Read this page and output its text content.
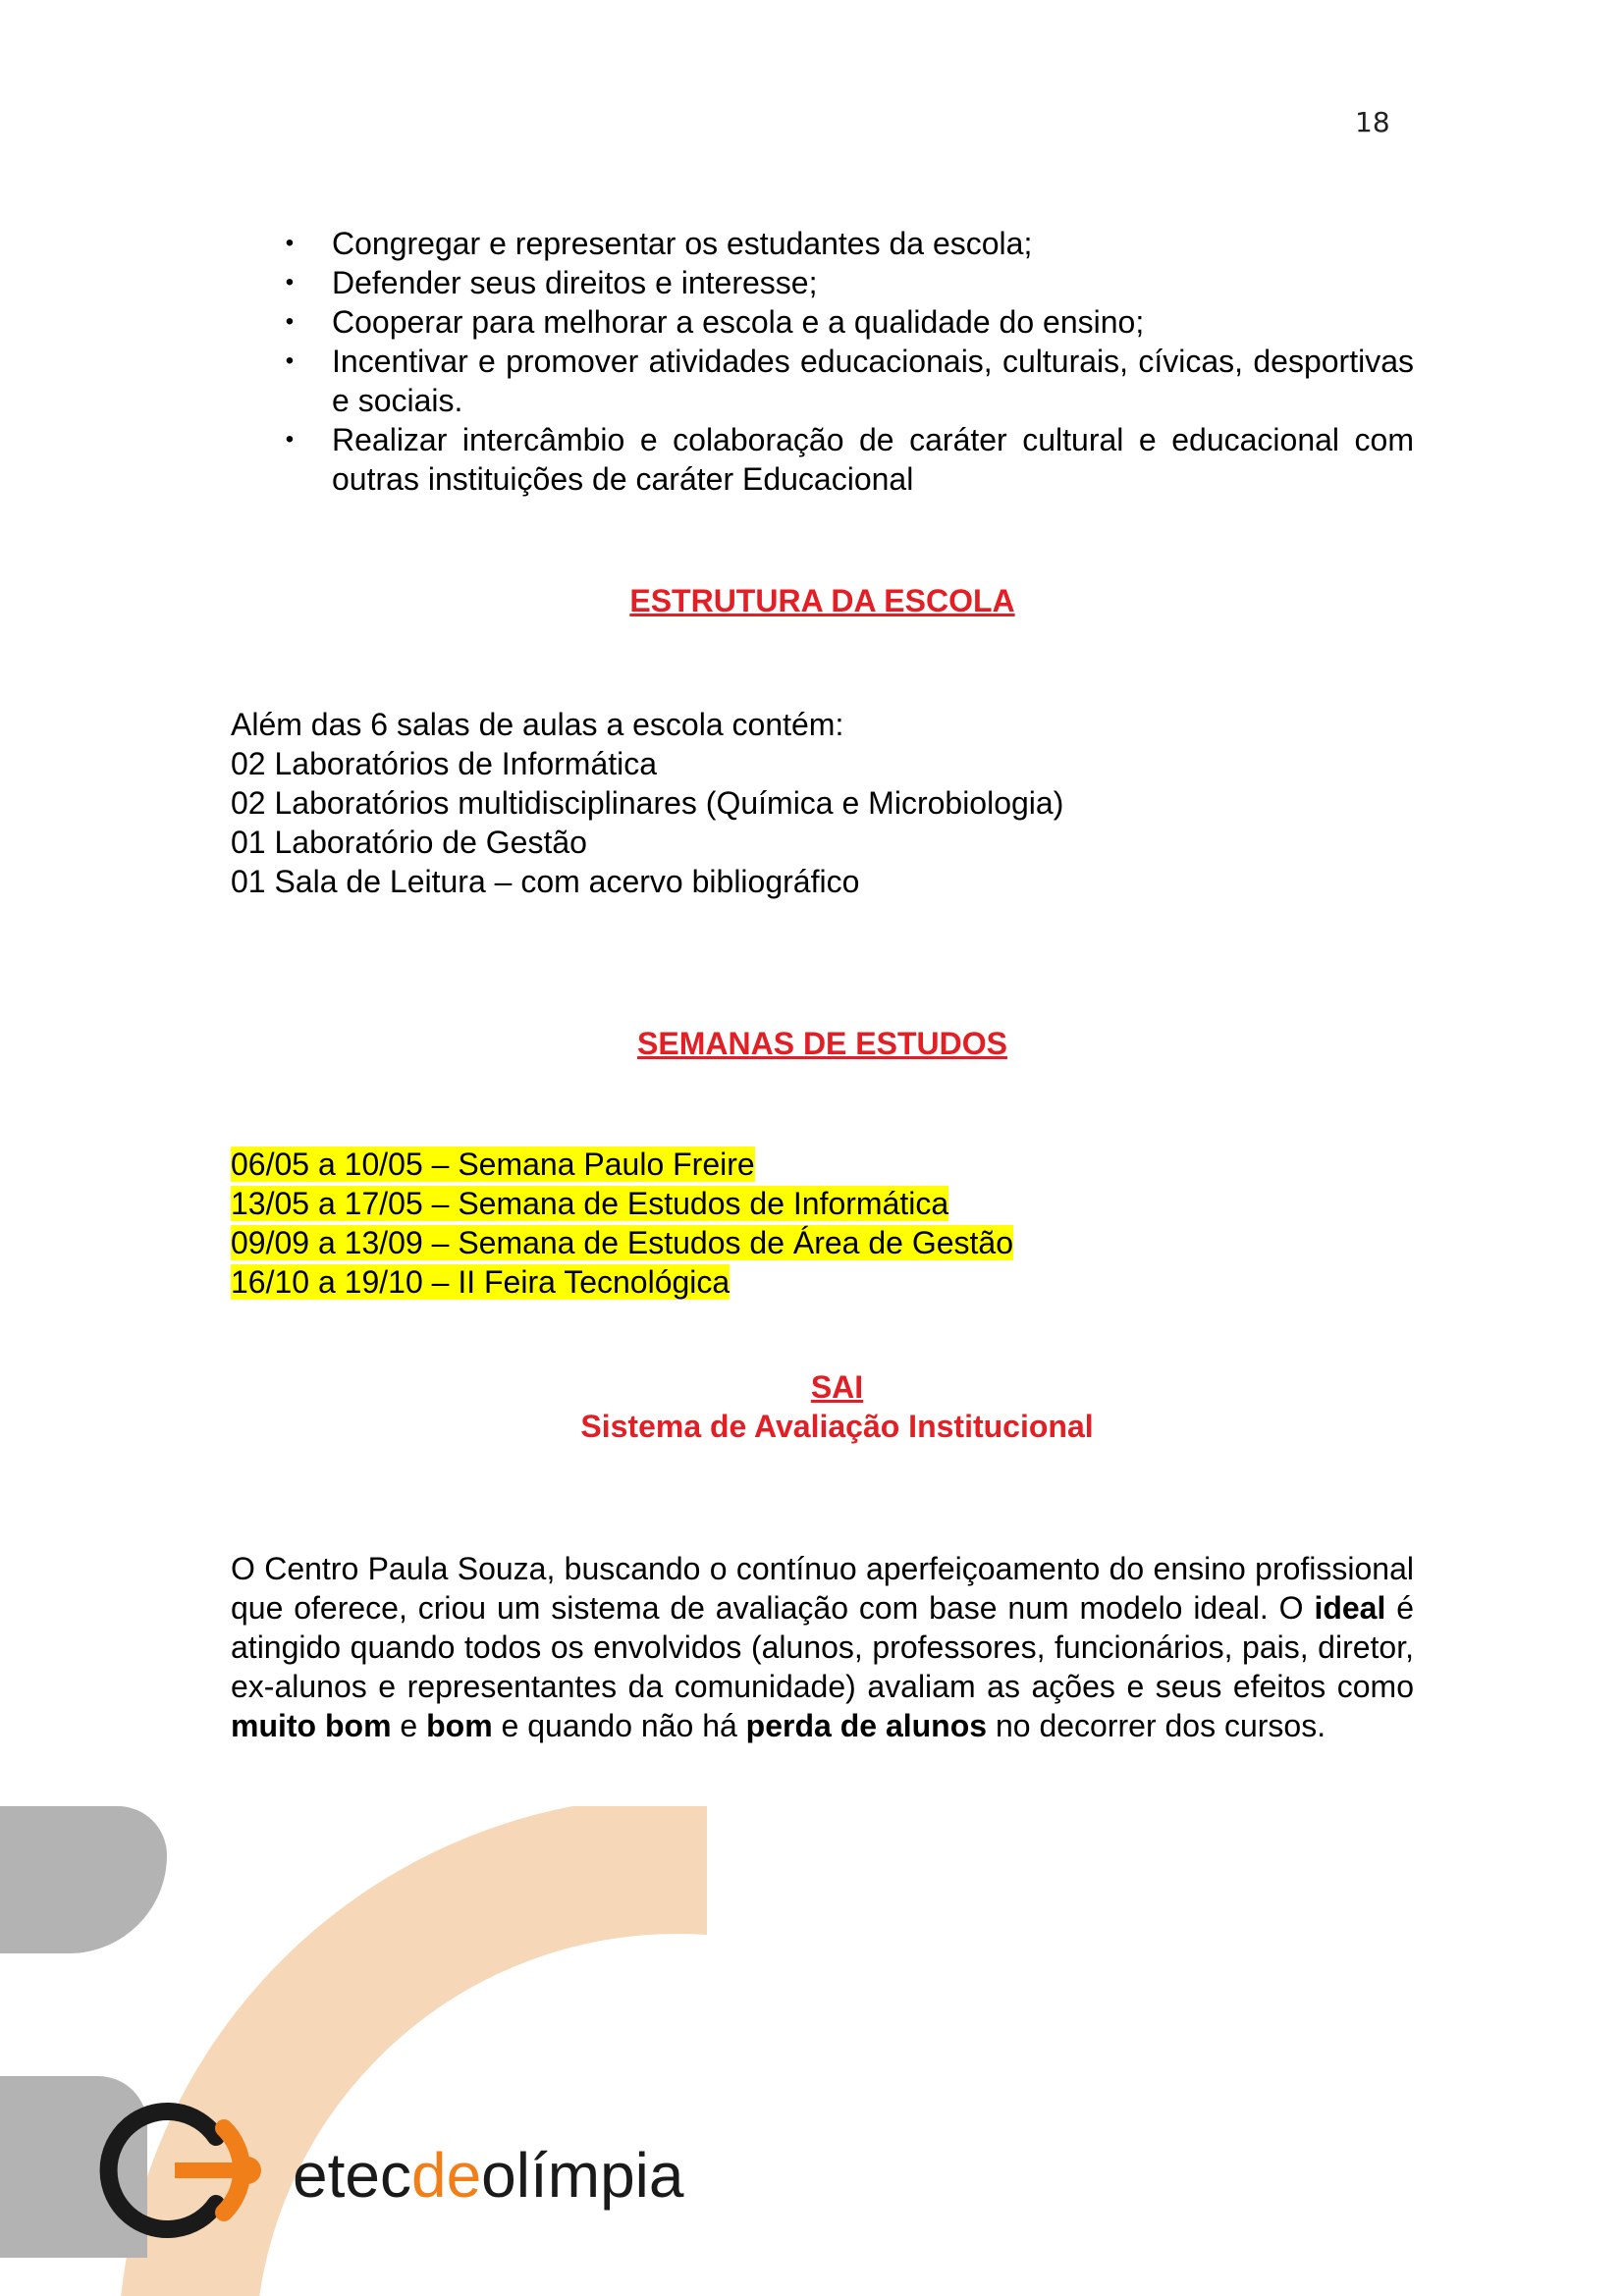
18
• Congregar e representar os estudantes da escola;
• Defender seus direitos e interesse;
• Cooperar para melhorar a escola e a qualidade do ensino;
• Incentivar e promover atividades educacionais, culturais, cívicas, desportivas e sociais.
• Realizar intercâmbio e colaboração de caráter cultural e educacional com outras instituições de caráter Educacional
ESTRUTURA DA ESCOLA
Além das 6 salas de aulas a escola contém:
02 Laboratórios de Informática
02 Laboratórios multidisciplinares (Química e Microbiologia)
01 Laboratório de Gestão
01 Sala de Leitura – com acervo bibliográfico
SEMANAS DE ESTUDOS
06/05 a 10/05 – Semana Paulo Freire
13/05 a 17/05 – Semana de Estudos de Informática
09/09 a 13/09 – Semana de Estudos de Área de Gestão
16/10 a 19/10 – II Feira Tecnológica
SAI
Sistema de Avaliação Institucional
O Centro Paula Souza, buscando o contínuo aperfeiçoamento do ensino profissional que oferece, criou um sistema de avaliação com base num modelo ideal. O ideal é atingido quando todos os envolvidos (alunos, professores, funcionários, pais, diretor, ex-alunos e representantes da comunidade) avaliam as ações e seus efeitos como muito bom e bom e quando não há perda de alunos no decorrer dos cursos.
etecdeolímpia
